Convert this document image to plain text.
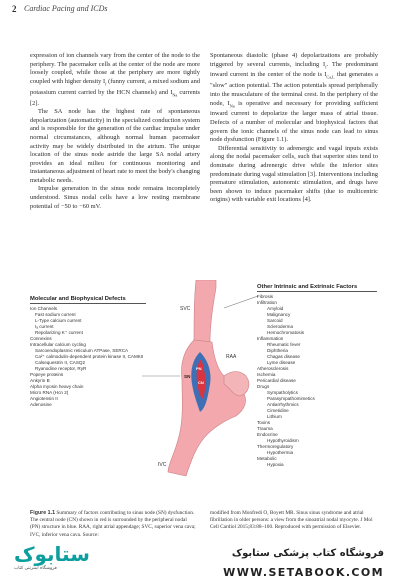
2 Cardiac Pacing and ICDs

expression of ion channels vary from the center of the node to the periphery. The pacemaker cells at the center of the node are more loosely coupled, while those at the periphery are more tightly coupled with higher density $I_f$ (funny current, a mixed sodium and potassium current carried by the HCN channels) and $I_{Na}$ currents [2].

The SA node has the highest rate of spontaneous depolarization (automaticity) in the specialized conduction system and is responsible for the generation of the cardiac impulse under normal circumstances, although normal human pacemaker activity may be widely distributed in the atrium. The unique location of the sinus node astride the large SA nodal artery provides an ideal milieu for continuous monitoring and instantaneous adjustment of heart rate to meet the body's changing metabolic needs.

Impulse generation in the sinus node remains incompletely understood. Sinus nodal cells have a low resting membrane potential of −50 to −60 mV.

Spontaneous diastolic (phase 4) depolarizations are probably triggered by several currents, including $I_f$. The predominant inward current in the center of the node is $I_{Ca,L}$ that generates a "slow" action potential. The action potentials spread peripherally into the musculature of the terminal crest. In the periphery of the node, $I_{Na}$ is operative and necessary for providing sufficient inward current to depolarize the larger mass of atrial tissue. Defects of a number of molecular and biophysical factors that govern the ionic channels of the sinus node can lead to sinus node dysfunction (Figure 1.1).

Differential sensitivity to adrenergic and vagal inputs exists along the nodal pacemaker cells, such that superior sites tend to dominate during adrenergic drive while the inferior sites predominate during vagal stimulation [3]. Interventions including premature stimulation, autonomic stimulation, and drugs have been shown to induce pacemaker shifts (due to multicentric origins) with variable exit locations [4].

Molecular and Biophysical Defects
Ion Channels
Fast sodium current
L-Type calcium current
Iₐ current
Repolarizing K⁺ current
Connexins
Intracellular calcium cycling
Sarcoendoplasmic reticulum ATPase, SERCA
Ca²⁺ calmodulin-dependent protein kinase II, CAMKII
Calsequestrin II, CASQ2
Ryanodine receptor, RyR
Popeye proteins
Ankyrin B
Alpha myosin heavy chain
Micro RNA (Hcn 2)
Angiotensin II
Adenosine
SVC
RAA
IVC
SN
PN
CN
Other Intrinsic and Extrinsic Factors
Fibrosis
Infiltration
Amyloid
Malignancy
Sarcoid
Scleroderma
Hemochromatosis
Inflammation
Rheumatic fever
Diphtheria
Chagas disease
Lyme disease
Atherosclerosis
Ischemia
Pericardial disease
Drugs
Sympatholytics
Parasympathomimetics
Antiarrhythmics
Cimetidine
Lithium
Toxins
Trauma
Endocrine
Hypothyroidism
Thermoregulatory
Hypothermia
Metabolic
Hypoxia
Figure 1.1 Summary of factors contributing to sinus node (SN) dysfunction. The central node (CN) shown in red is surrounded by the peripheral nodal (PN) structure in blue. RAA, right atrial appendage; SVC, superior vena cava; IVC, inferior vena cava. Source:
modified from Monfredi O, Boyett MR. Sinus sinus syndrome and atrial fibrillation in older persons: a view from the sinoatrial nodal myocyte. J Mol Cell Cardiol 2015;83:88–100. Reproduced with permission of Elsevier.
ستابوک
فروشگاه اینترنتی کتاب
فروشگاه کتاب پزشکی ستابوک
WWW.SETABOOK.COM
